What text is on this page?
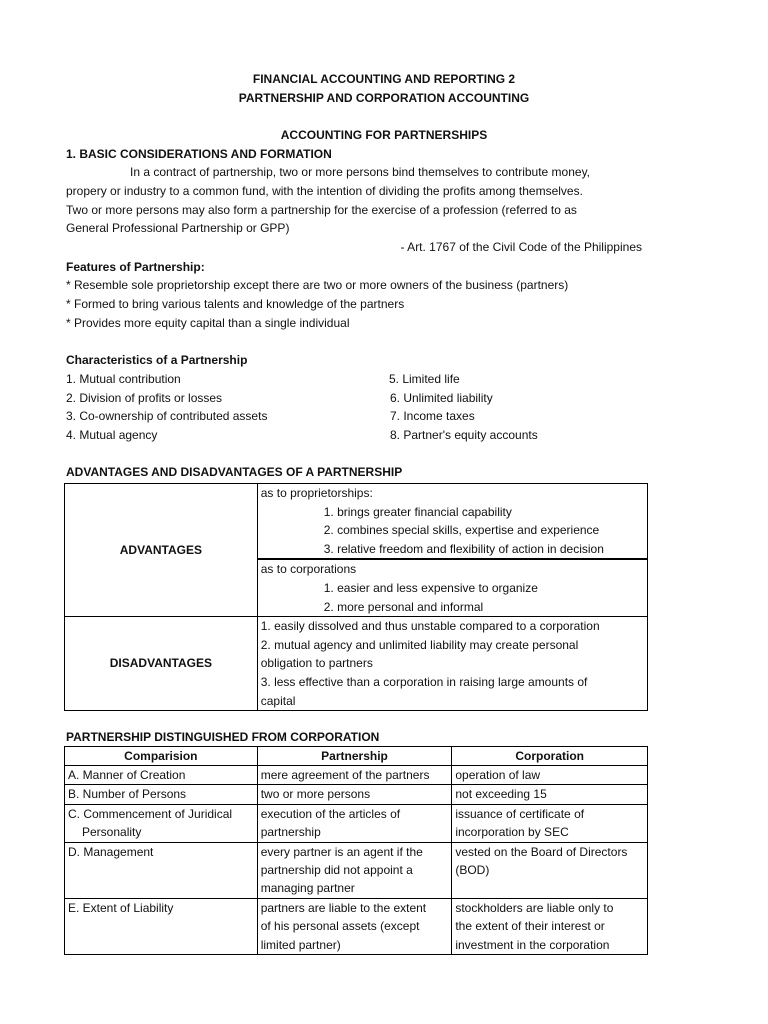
FINANCIAL ACCOUNTING AND REPORTING 2
PARTNERSHIP AND CORPORATION ACCOUNTING
ACCOUNTING FOR PARTNERSHIPS
1. BASIC CONSIDERATIONS AND FORMATION
In a contract of partnership, two or more persons bind themselves to contribute money,
propery or industry to a common fund, with the intention of dividing the profits among themselves.
Two or more persons may also form a partnership for the exercise of a profession (referred to as
General Professional Partnership or GPP)
- Art. 1767 of the Civil Code of the Philippines
Features of Partnership:
* Resemble sole proprietorship except there are two or more owners of the business (partners)
* Formed to bring various talents and knowledge of the partners
* Provides more equity capital than a single individual
Characteristics of a Partnership
1. Mutual contribution
2. Division of profits or losses
3. Co-ownership of contributed assets
4. Mutual agency
5. Limited life
6. Unlimited liability
7. Income taxes
8. Partner's equity accounts
ADVANTAGES AND DISADVANTAGES OF A PARTNERSHIP
ADVANTAGES	as to proprietorships:
1. brings greater financial capability
2. combines special skills, expertise and experience
3. relative freedom and flexibility of action in decision

	as to corporations
1. easier and less expensive to organize
2. more personal and informal

DISADVANTAGES	1. easily dissolved and thus unstable compared to a corporation
2. mutual agency and unlimited liability may create personal
obligation to partners
3. less effective than a corporation in raising large amounts of
capital
PARTNERSHIP DISTINGUISHED FROM CORPORATION
Comparision	Partnership	Corporation

A. Manner of Creation	mere agreement of the partners	operation of law

B. Number of Persons	two or more persons	not exceeding 15

C. Commencement of Juridical
Personality	execution of the articles of
partnership	issuance of certificate of
incorporation by SEC

D. Management	every partner is an agent if the
partnership did not appoint a
managing partner	vested on the Board of Directors
(BOD)

E. Extent of Liability	partners are liable to the extent
of his personal assets (except
limited partner)	stockholders are liable only to
the extent of their interest or
investment in the corporation
